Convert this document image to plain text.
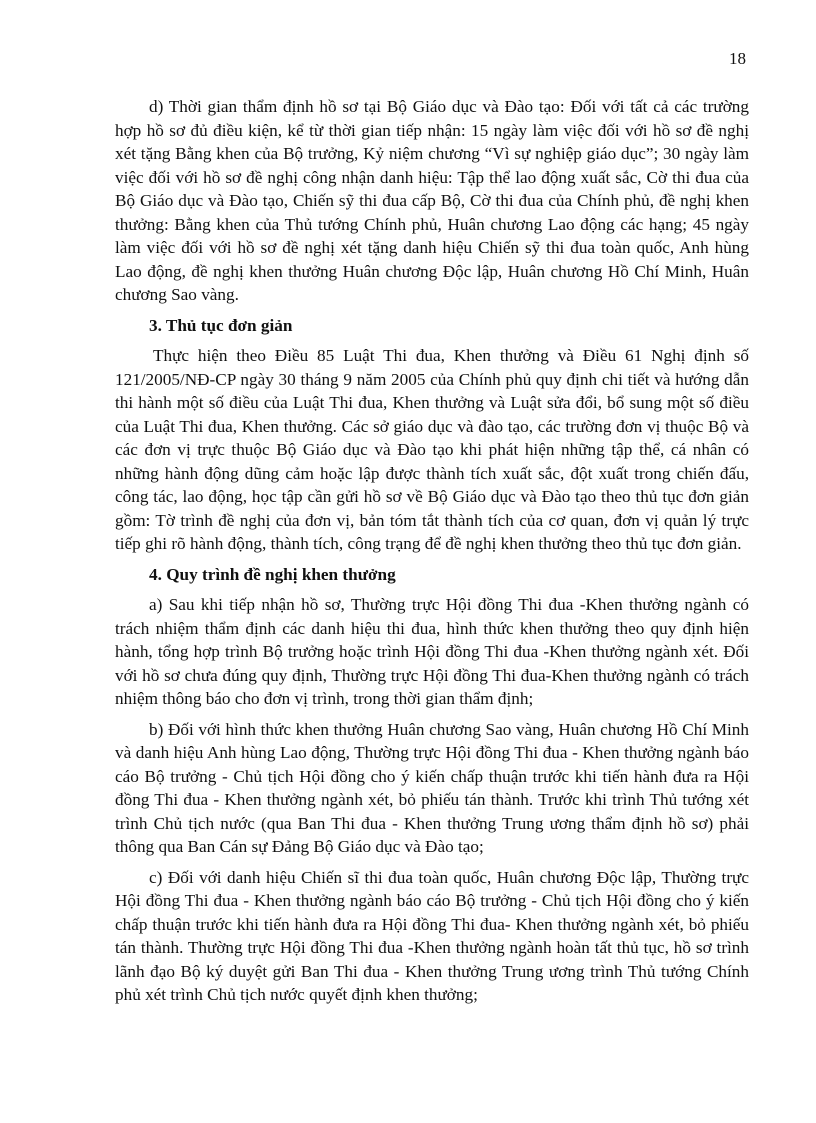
18

d) Thời gian thẩm định hồ sơ tại Bộ Giáo dục và Đào tạo: Đối với tất cả các trường hợp hồ sơ đủ điều kiện, kể từ thời gian tiếp nhận: 15 ngày làm việc đối với hồ sơ đề nghị xét tặng Bằng khen của Bộ trưởng, Kỷ niệm chương “Vì sự nghiệp giáo dục”; 30 ngày làm việc đối với hồ sơ đề nghị công nhận danh hiệu: Tập thể lao động xuất sắc, Cờ thi đua của Bộ Giáo dục và Đào tạo, Chiến sỹ thi đua cấp Bộ, Cờ thi đua của Chính phủ, đề nghị khen thưởng: Bằng khen của Thủ tướng Chính phủ, Huân chương Lao động các hạng; 45 ngày làm việc đối với hồ sơ đề nghị xét tặng danh hiệu Chiến sỹ thi đua toàn quốc, Anh hùng Lao động, đề nghị khen thưởng Huân chương Độc lập, Huân chương Hồ Chí Minh, Huân chương Sao vàng.

3. Thủ tục đơn giản

Thực hiện theo Điều 85 Luật Thi đua, Khen thưởng và Điều 61 Nghị định số 121/2005/NĐ-CP ngày 30 tháng 9 năm 2005 của Chính phủ quy định chi tiết và hướng dẫn thi hành một số điều của Luật Thi đua, Khen thưởng và Luật sửa đổi, bổ sung một số điều của Luật Thi đua, Khen thưởng. Các sở giáo dục và đào tạo, các trường đơn vị thuộc Bộ và các đơn vị trực thuộc Bộ Giáo dục và Đào tạo khi phát hiện những tập thể, cá nhân có những hành động dũng cảm hoặc lập được thành tích xuất sắc, đột xuất trong chiến đấu, công tác, lao động, học tập cần gửi hồ sơ về Bộ Giáo dục và Đào tạo theo thủ tục đơn giản gồm: Tờ trình đề nghị của đơn vị, bản tóm tắt thành tích của cơ quan, đơn vị quản lý trực tiếp ghi rõ hành động, thành tích, công trạng để đề nghị khen thưởng theo thủ tục đơn giản.

4. Quy trình đề nghị khen thưởng

a) Sau khi tiếp nhận hồ sơ, Thường trực Hội đồng Thi đua -Khen thưởng ngành có trách nhiệm thẩm định các danh hiệu thi đua, hình thức khen thưởng theo quy định hiện hành, tổng hợp trình Bộ trưởng hoặc trình Hội đồng Thi đua -Khen thưởng ngành xét. Đối với hồ sơ chưa đúng quy định, Thường trực Hội đồng Thi đua-Khen thưởng ngành có trách nhiệm thông báo cho đơn vị trình, trong thời gian thẩm định;

b) Đối với hình thức khen thưởng Huân chương Sao vàng, Huân chương Hồ Chí Minh và danh hiệu Anh hùng Lao động, Thường trực Hội đồng Thi đua - Khen thưởng ngành báo cáo Bộ trưởng - Chủ tịch Hội đồng cho ý kiến chấp thuận trước khi tiến hành đưa ra Hội đồng Thi đua - Khen thưởng ngành xét, bỏ phiếu tán thành. Trước khi trình Thủ tướng xét trình Chủ tịch nước (qua Ban Thi đua - Khen thưởng Trung ương thẩm định hồ sơ) phải thông qua Ban Cán sự Đảng Bộ Giáo dục và Đào tạo;

c) Đối với danh hiệu Chiến sĩ thi đua toàn quốc, Huân chương Độc lập, Thường trực Hội đồng Thi đua - Khen thưởng ngành báo cáo Bộ trưởng - Chủ tịch Hội đồng cho ý kiến chấp thuận trước khi tiến hành đưa ra Hội đồng Thi đua- Khen thưởng ngành xét, bỏ phiếu tán thành. Thường trực Hội đồng Thi đua -Khen thưởng ngành hoàn tất thủ tục, hồ sơ trình lãnh đạo Bộ ký duyệt gửi Ban Thi đua - Khen thưởng Trung ương trình Thủ tướng Chính phủ xét trình Chủ tịch nước quyết định khen thưởng;
